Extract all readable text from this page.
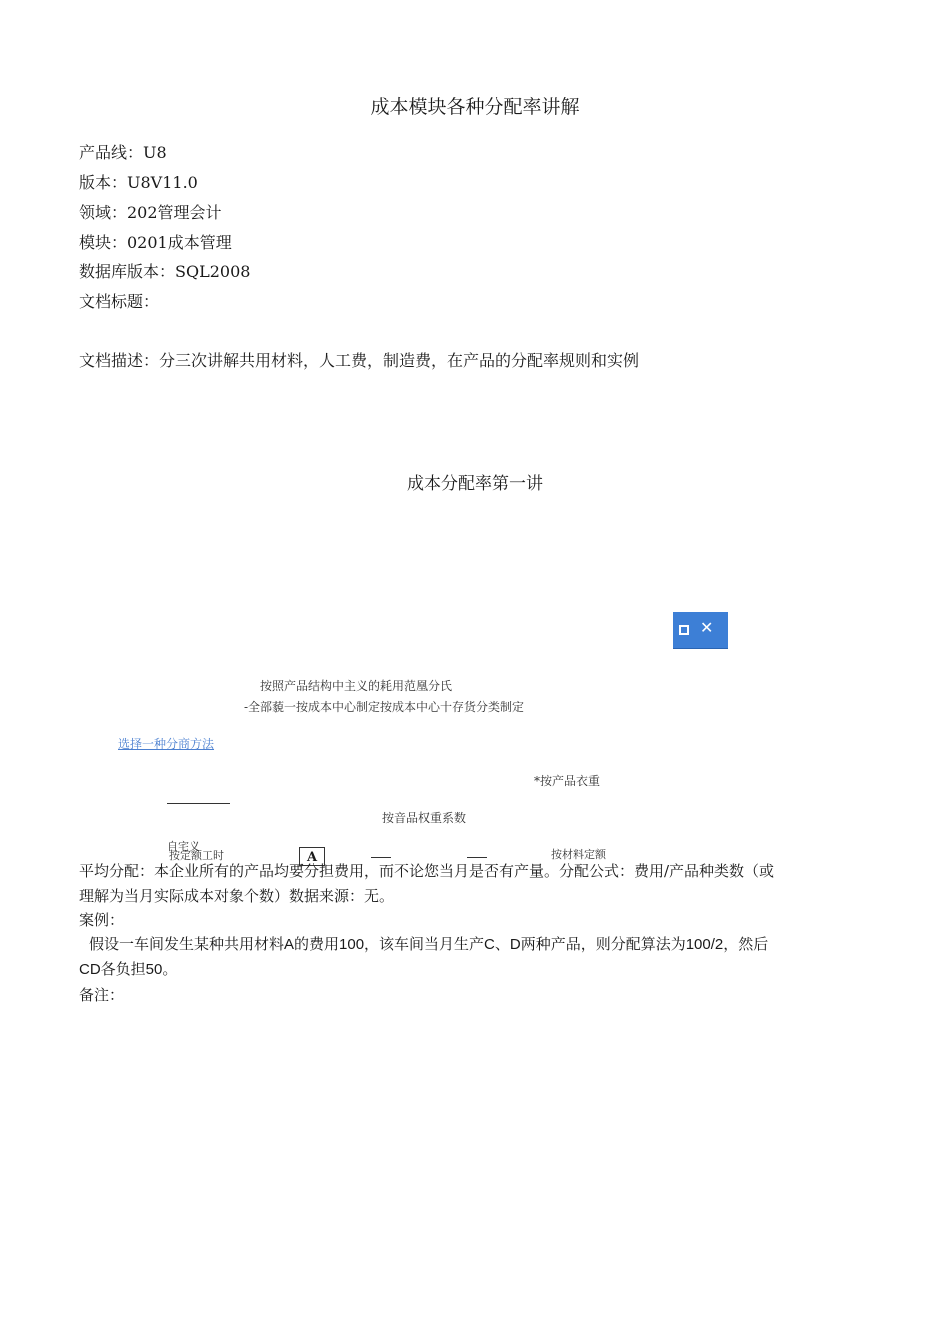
成本模块各种分配率讲解
产品线：U8
版本：U8V11.0
领域：202管理会计
模块：0201成本管理
数据库版本：SQL2008
文档标题：
文档描述：分三次讲解共用材料，人工费，制造费，在产品的分配率规则和实例
成本分配率第一讲
✕
按照产品结构中主义的耗用范凰分氏
-全部藐一按成本中心制定按成本中心十存货分类制定
选择一种分商方法
*按产品衣重
按音品权重系数
自宅义
按定额工时	A	按材料定额
平均分配：本企业所有的产品均要分担费用，而不论您当月是否有产量。分配公式：费用/产品种类数（或
理解为当月实际成本对象个数）数据来源：无。
案例：
假设一车间发生某种共用材料A的费用100，该车间当月生产C、D两种产品，则分配算法为100/2，然后
CD各负担50。
备注：
